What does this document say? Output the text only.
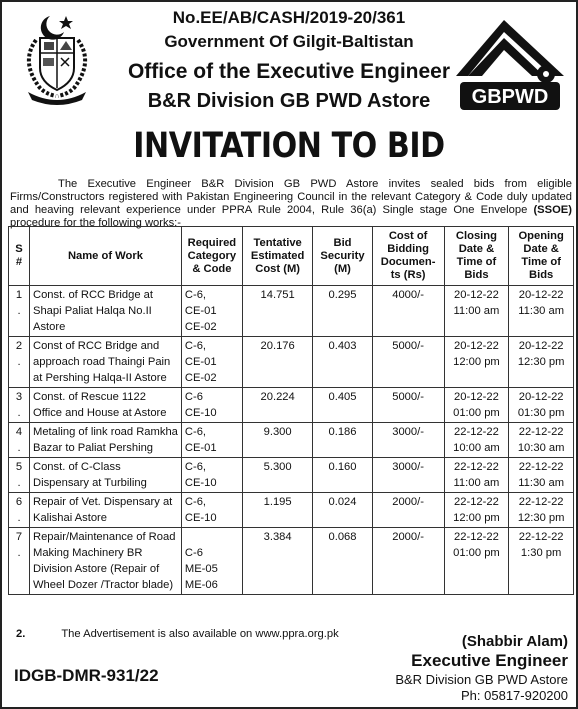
No.EE/AB/CASH/2019-20/361
Government Of Gilgit-Baltistan
Office of the Executive Engineer
B&R Division GB PWD Astore	GBPWD
INVITATION TO BID
The Executive Engineer B&R Division GB PWD Astore invites sealed bids from eligible Firms/Constructors registered with Pakistan Engineering Council in the relevant Category & Code duly updated and heaving relevant experience under PPRA Rule 2004, Rule 36(a) Single stage One Envelope (SSOE) procedure for the following works:-
S
#	Name of Work	Required
Category
& Code	Tentative
Estimated
Cost (M)	Bid
Security
(M)	Cost of
Bidding
Documen-
ts (Rs)	Closing
Date &
Time of
Bids	Opening
Date &
Time of
Bids

1
.	Const. of RCC Bridge at
Shapi Paliat Halqa No.II
Astore	C-6,
CE-01
CE-02	14.751	0.295	4000/-	20-12-22
11:00 am	20-12-22
11:30 am

2
.	Const of RCC Bridge and
approach road Thaingi Pain
at Pershing Halqa-II Astore	C-6,
CE-01
CE-02	20.176	0.403	5000/-	20-12-22
12:00 pm	20-12-22
12:30 pm

3
.	Const. of Rescue 1122
Office and House at Astore	C-6
CE-10	20.224	0.405	5000/-	20-12-22
01:00 pm	20-12-22
01:30 pm

4
.	Metaling of link road Ramkha
Bazar to Paliat Pershing	C-6,
CE-01	9.300	0.186	3000/-	22-12-22
10:00 am	22-12-22
10:30 am

5
.	Const. of C-Class
Dispensary at Turbiling	C-6,
CE-10	5.300	0.160	3000/-	22-12-22
11:00 am	22-12-22
11:30 am

6
.	Repair of Vet. Dispensary at
Kalishai Astore	C-6,
CE-10	1.195	0.024	2000/-	22-12-22
12:00 pm	22-12-22
12:30 pm

7
.	Repair/Maintenance of Road
Making Machinery BR
Division Astore (Repair of
Wheel Dozer /Tractor blade)	C-6
ME-05
ME-06	3.384	0.068	2000/-	22-12-22
01:00 pm	22-12-22
1:30 pm
2.	The Advertisement is also available on www.ppra.org.pk	(Shabbir Alam)
Executive Engineer
B&R Division GB PWD Astore
Ph: 05817-920200
IDGB-DMR-931/22
